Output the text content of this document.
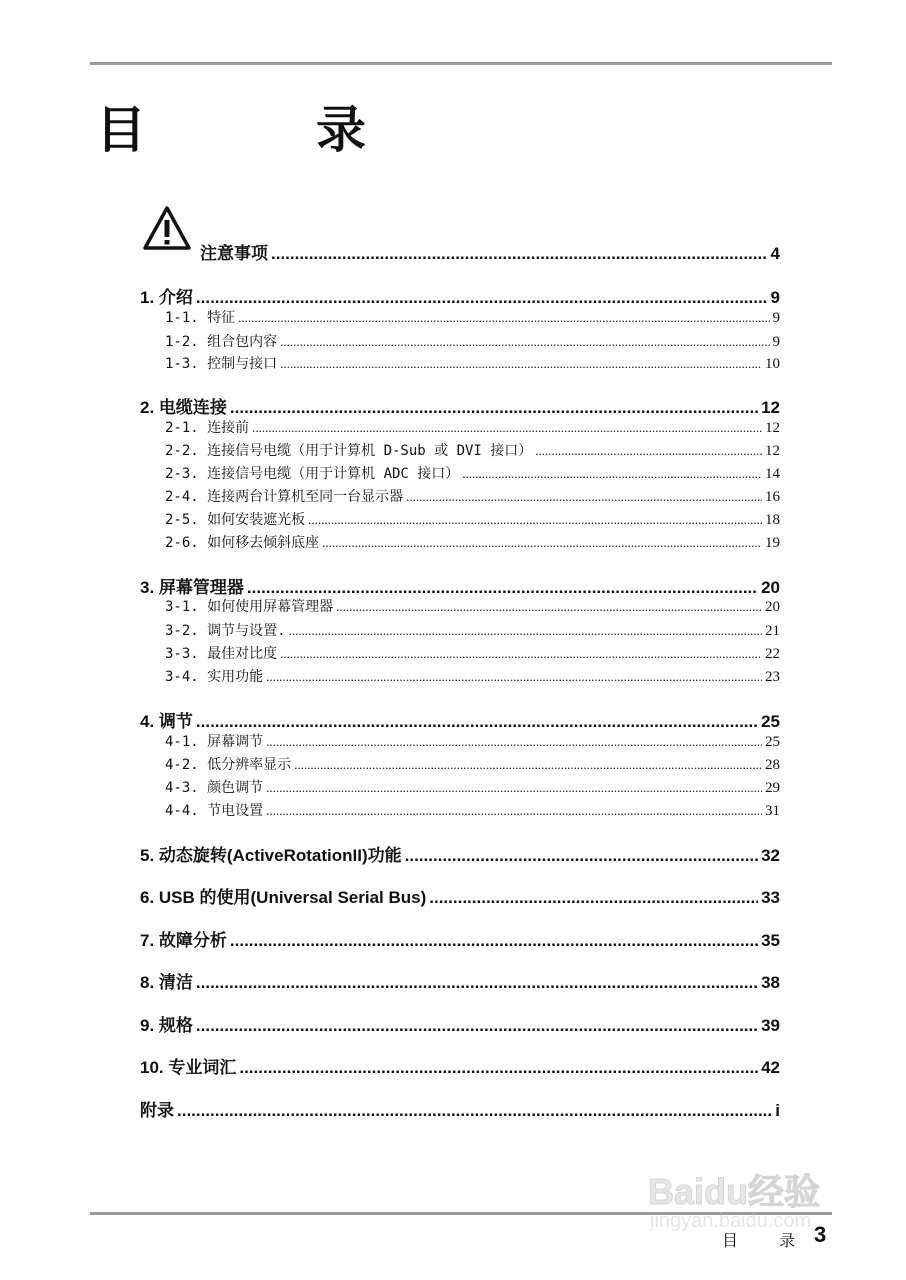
目　录
注意事项 .....	4
1. 介绍 .....	9
1-1. 特征 .....	9
1-2. 组合包内容 .....	9
1-3. 控制与接口 .....	10
2. 电缆连接 .....	12
2-1. 连接前 .....	12
2-2. 连接信号电缆（用于计算机 D-Sub 或 DVI 接口） .....	12
2-3. 连接信号电缆（用于计算机 ADC 接口） .....	14
2-4. 连接两台计算机至同一台显示器 .....	16
2-5. 如何安装遮光板 .....	18
2-6. 如何移去倾斜底座 .....	19
3. 屏幕管理器 .....	20
3-1. 如何使用屏幕管理器 .....	20
3-2. 调节与设置. .....	21
3-3. 最佳对比度 .....	22
3-4. 实用功能 .....	23
4. 调节 .....	25
4-1. 屏幕调节 .....	25
4-2. 低分辨率显示 .....	28
4-3. 颜色调节 .....	29
4-4. 节电设置 .....	31
5. 动态旋转(ActiveRotationII)功能 .....	32
6. USB 的使用(Universal Serial Bus) .....	33
7. 故障分析 .....	35
8. 清洁 .....	38
9. 规格 .....	39
10. 专业词汇 .....	42
附录 .....	i
Baidu经验
jingyan.baidu.com
目 录 3
